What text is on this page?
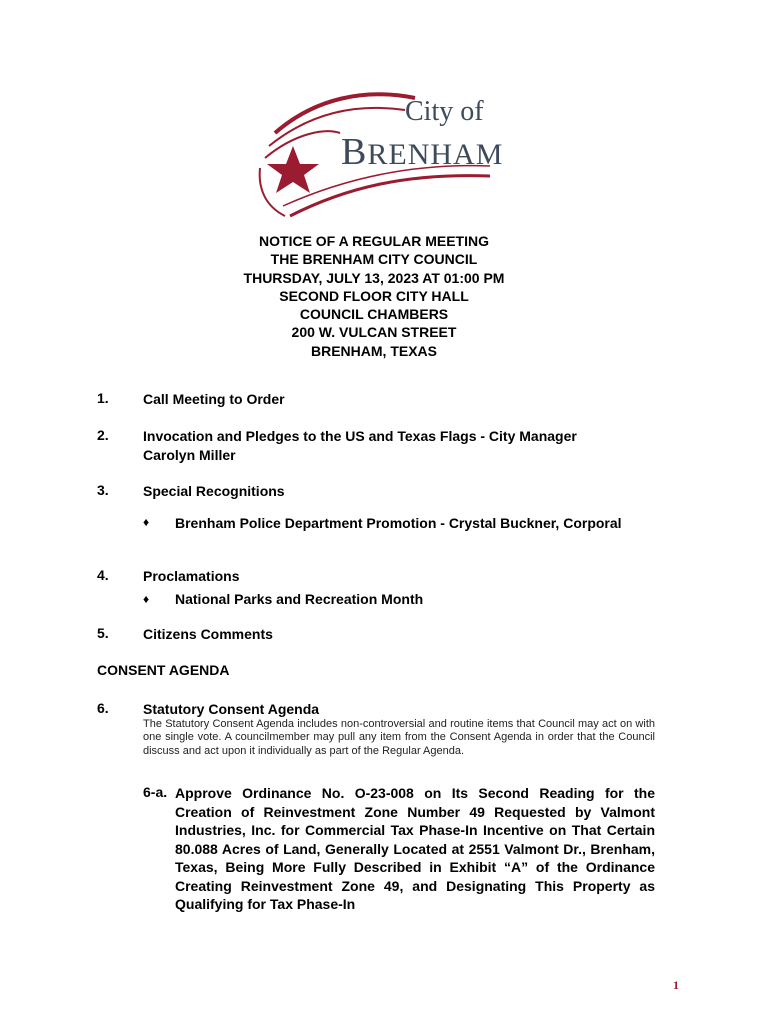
City of
BRENHAM
NOTICE OF A REGULAR MEETING
THE BRENHAM CITY COUNCIL
THURSDAY, JULY 13, 2023 AT 01:00 PM
SECOND FLOOR CITY HALL
COUNCIL CHAMBERS
200 W. VULCAN STREET
BRENHAM, TEXAS
1. Call Meeting to Order
2. Invocation and Pledges to the US and Texas Flags - City Manager Carolyn Miller
3. Special Recognitions
♦ Brenham Police Department Promotion - Crystal Buckner, Corporal
4. Proclamations
♦ National Parks and Recreation Month
5. Citizens Comments
CONSENT AGENDA
6. Statutory Consent Agenda
The Statutory Consent Agenda includes non-controversial and routine items that Council may act on with one single vote. A councilmember may pull any item from the Consent Agenda in order that the Council discuss and act upon it individually as part of the Regular Agenda.
6-a. Approve Ordinance No. O-23-008 on Its Second Reading for the Creation of Reinvestment Zone Number 49 Requested by Valmont Industries, Inc. for Commercial Tax Phase-In Incentive on That Certain 80.088 Acres of Land, Generally Located at 2551 Valmont Dr., Brenham, Texas, Being More Fully Described in Exhibit “A” of the Ordinance Creating Reinvestment Zone 49, and Designating This Property as Qualifying for Tax Phase-In
1
